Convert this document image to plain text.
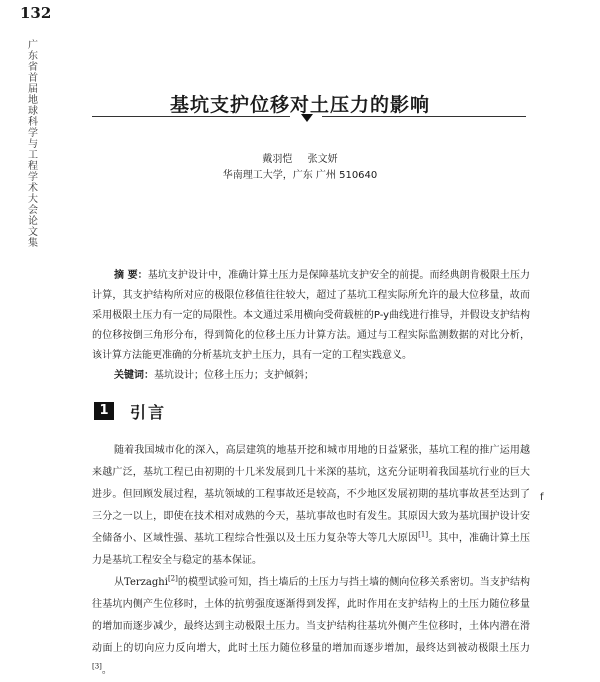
132
广东省首届地球科学与工程学术大会论文集
基坑支护位移对土压力的影响
戴羽恺 张文妍
华南理工大学，广东 广州 510640
摘 要：基坑支护设计中，准确计算土压力是保障基坑支护安全的前提。而经典朗肯极限土压力计算，其支护结构所对应的极限位移值往往较大，超过了基坑工程实际所允许的最大位移量，故而采用极限土压力有一定的局限性。本文通过采用横向受荷载桩的P-y曲线进行推导，并假设支护结构的位移按倒三角形分布，得到简化的位移土压力计算方法。通过与工程实际监测数据的对比分析，该计算方法能更准确的分析基坑支护土压力，具有一定的工程实践意义。
关键词：基坑设计；位移土压力；支护倾斜；
1	引言

随着我国城市化的深入，高层建筑的地基开挖和城市用地的日益紧张，基坑工程的推广运用越来越广泛，基坑工程已由初期的十几米发展到几十米深的基坑，这充分证明着我国基坑行业的巨大进步。但回顾发展过程，基坑领域的工程事故还是较高，不少地区发展初期的基坑事故甚至达到了三分之一以上，即使在技术相对成熟的今天，基坑事故也时有发生。其原因大致为基坑围护设计安全储备小、区域性强、基坑工程综合性强以及土压力复杂等大等几大原因[1]。其中，准确计算土压力是基坑工程安全与稳定的基本保证。

从Terzaghi[2]的模型试验可知，挡土墙后的土压力与挡土墙的侧向位移关系密切。当支护结构往基坑内侧产生位移时，土体的抗剪强度逐渐得到发挥，此时作用在支护结构上的土压力随位移量的增加而逐步减少，最终达到主动极限土压力。当支护结构往基坑外侧产生位移时，土体内潜在滑动面上的切向应力反向增大，此时土压力随位移量的增加而逐步增加，最终达到被动极限土压力[3]。

f
